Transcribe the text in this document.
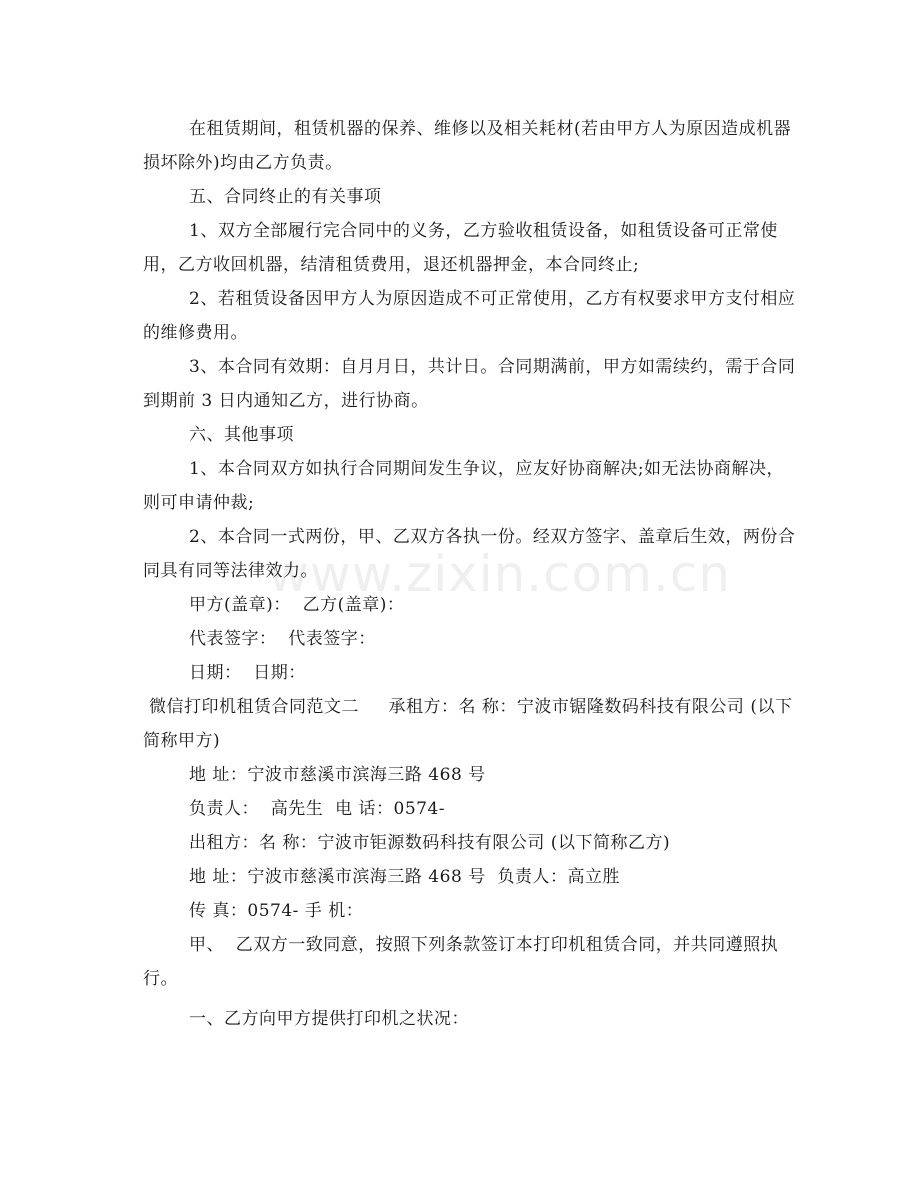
在租赁期间，租赁机器的保养、维修以及相关耗材(若由甲方人为原因造成机器损坏除外)均由乙方负责。

五、合同终止的有关事项

1、双方全部履行完合同中的义务，乙方验收租赁设备，如租赁设备可正常使用，乙方收回机器，结清租赁费用，退还机器押金，本合同终止;

2、若租赁设备因甲方人为原因造成不可正常使用，乙方有权要求甲方支付相应的维修费用。

3、本合同有效期：自月月日，共计日。合同期满前，甲方如需续约，需于合同到期前 3 日内通知乙方，进行协商。

六、其他事项

1、本合同双方如执行合同期间发生争议，应友好协商解决;如无法协商解决，则可申请仲裁;

2、本合同一式两份，甲、乙双方各执一份。经双方签字、盖章后生效，两份合同具有同等法律效力。

甲方(盖章)：  乙方(盖章)：

代表签字：  代表签字：

日期：  日期：

微信打印机租赁合同范文二     承租方：名 称：宁波市锯隆数码科技有限公司 (以下简称甲方)

地 址：宁波市慈溪市滨海三路 468 号

负责人：  高先生  电 话：0574-

出租方：名 称：宁波市钜源数码科技有限公司 (以下简称乙方)

地 址：宁波市慈溪市滨海三路 468 号  负责人：高立胜

传 真：0574- 手 机：

甲、  乙双方一致同意，按照下列条款签订本打印机租赁合同，并共同遵照执行。

一、乙方向甲方提供打印机之状况：

www.zixin.com.cn
